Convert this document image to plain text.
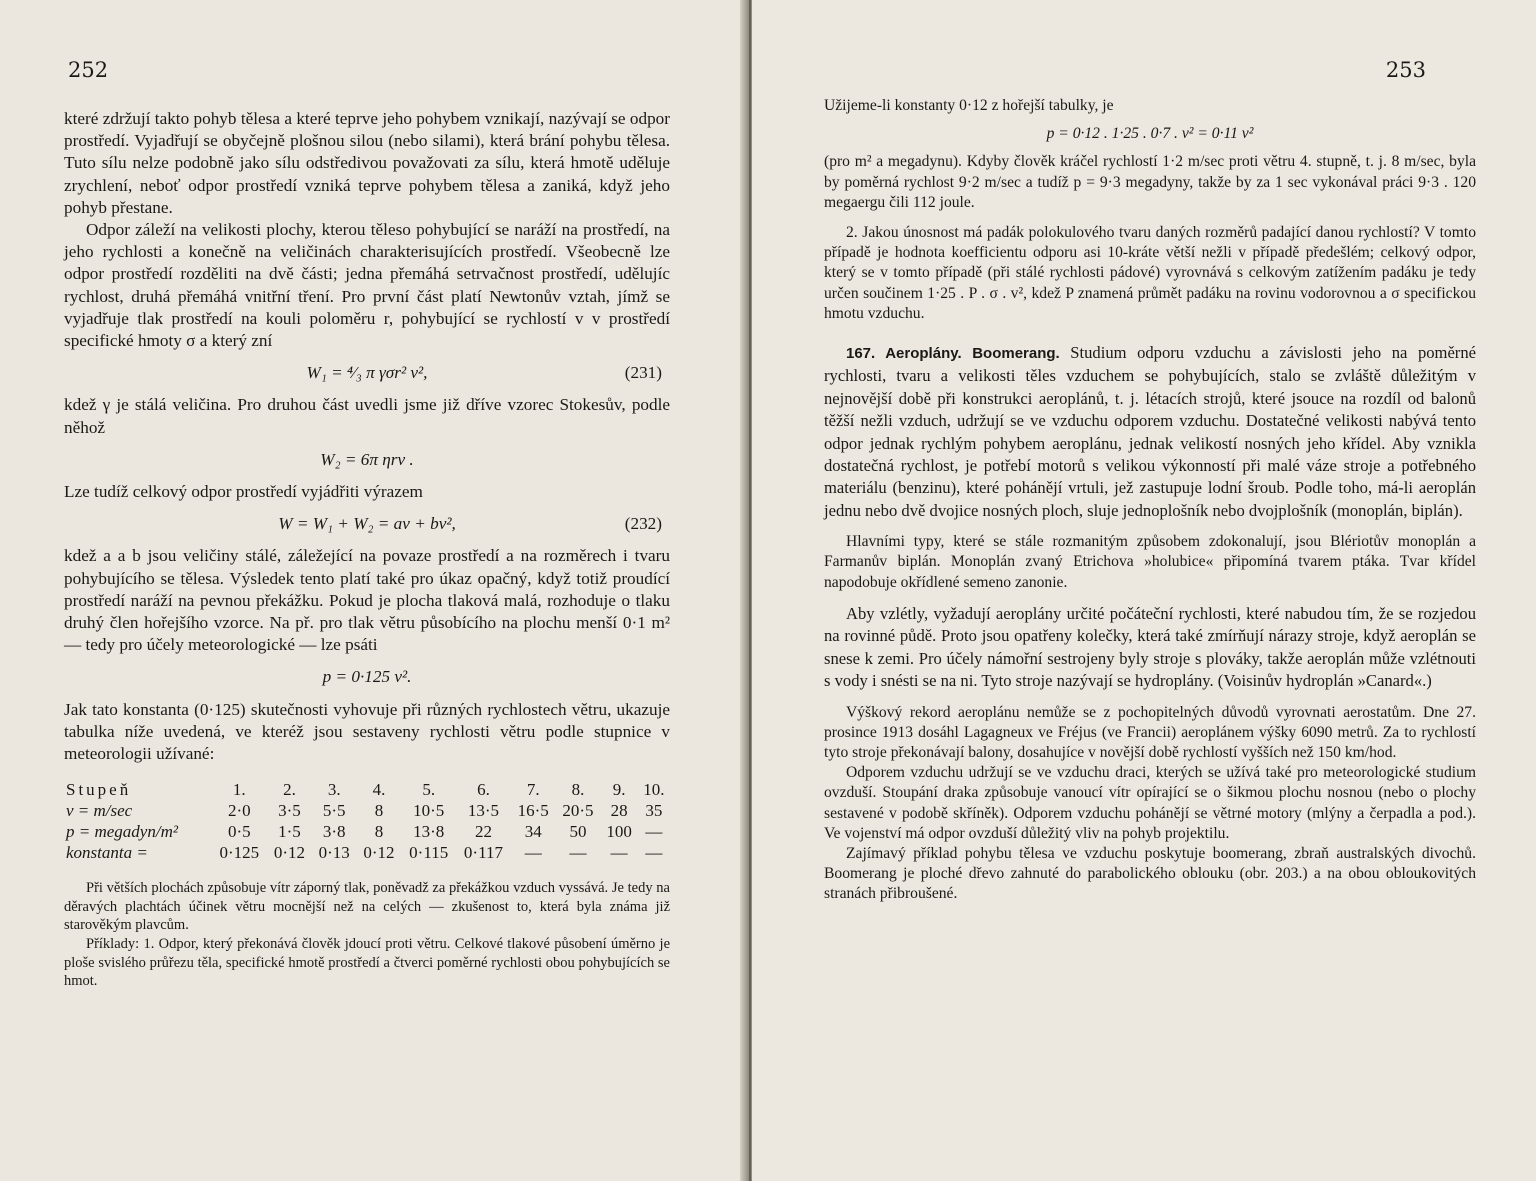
252

které zdržují takto pohyb tělesa a které teprve jeho pohybem vznikají, nazývají se odpor prostředí. Vyjadřují se obyčejně plošnou silou (nebo silami), která brání pohybu tělesa. Tuto sílu nelze podobně jako sílu odstředivou považovati za sílu, která hmotě uděluje zrychlení, neboť odpor prostředí vzniká teprve pohybem tělesa a zaniká, když jeho pohyb přestane.

Odpor záleží na velikosti plochy, kterou těleso pohybující se naráží na prostředí, na jeho rychlosti a konečně na veličinách charakterisujících prostředí. Všeobecně lze odpor prostředí rozděliti na dvě části; jedna přemáhá setrvačnost prostředí, udělujíc rychlost, druhá přemáhá vnitřní tření. Pro první část platí Newtonův vztah, jímž se vyjadřuje tlak prostředí na kouli poloměru r, pohybující se rychlostí v v prostředí specifické hmoty σ a který zní

W₁ = ⁴⁄₃ π γσr² v²,	(231)

kdež γ je stálá veličina. Pro druhou část uvedli jsme již dříve vzorec Stokesův, podle něhož

W₂ = 6π ηrv .

Lze tudíž celkový odpor prostředí vyjádřiti výrazem

W = W₁ + W₂ = av + bv²,	(232)

kdež a a b jsou veličiny stálé, záležející na povaze prostředí a na rozměrech i tvaru pohybujícího se tělesa. Výsledek tento platí také pro úkaz opačný, když totiž proudící prostředí naráží na pevnou překážku. Pokud je plocha tlaková malá, rozhoduje o tlaku druhý člen hořejšího vzorce. Na př. pro tlak větru působícího na plochu menší 0·1 m² — tedy pro účely meteorologické — lze psáti

p = 0·125 v².

Jak tato konstanta (0·125) skutečnosti vyhovuje při různých rychlostech větru, ukazuje tabulka níže uvedená, ve kteréž jsou sestaveny rychlosti větru podle stupnice v meteorologii užívané:

Stupeň	1.	2.	3.	4.	5.	6.	7.	8.	9.	10.
v = m/sec	2·0	3·5	5·5	8	10·5	13·5	16·5	20·5	28	35
p = megadyn/m²	0·5	1·5	3·8	8	13·8	22	34	50	100	—
konstanta =	0·125	0·12	0·13	0·12	0·115	0·117	—	—	—	—

Při větších plochách způsobuje vítr záporný tlak, poněvadž za překážkou vzduch vyssává. Je tedy na děravých plachtách účinek větru mocnější než na celých — zkušenost to, která byla známa již starověkým plavcům.

Příklady: 1. Odpor, který překonává člověk jdoucí proti větru. Celkové tlakové působení úměrno je ploše svislého průřezu těla, specifické hmotě prostředí a čtverci poměrné rychlosti obou pohybujících se hmot.

253

Užijeme-li konstanty 0·12 z hořejší tabulky, je

p = 0·12 . 1·25 . 0·7 . v² = 0·11 v²

(pro m² a megadynu). Kdyby člověk kráčel rychlostí 1·2 m/sec proti větru 4. stupně, t. j. 8 m/sec, byla by poměrná rychlost 9·2 m/sec a tudíž p = 9·3 megadyny, takže by za 1 sec vykonával práci 9·3 . 120 megaergu čili 112 joule.

2. Jakou únosnost má padák polokulového tvaru daných rozměrů padající danou rychlostí? V tomto případě je hodnota koefficientu odporu asi 10-kráte větší nežli v případě předešlém; celkový odpor, který se v tomto případě (při stálé rychlosti pádové) vyrovnává s celkovým zatížením padáku je tedy určen součinem 1·25 . P . σ . v², kdež P znamená průmět padáku na rovinu vodorovnou a σ specifickou hmotu vzduchu.

167. Aeroplány. Boomerang. Studium odporu vzduchu a závislosti jeho na poměrné rychlosti, tvaru a velikosti těles vzduchem se pohybujících, stalo se zvláště důležitým v nejnovější době při konstrukci aeroplánů, t. j. létacích strojů, které jsouce na rozdíl od balonů těžší nežli vzduch, udržují se ve vzduchu odporem vzduchu. Dostatečné velikosti nabývá tento odpor jednak rychlým pohybem aeroplánu, jednak velikostí nosných jeho křídel. Aby vznikla dostatečná rychlost, je potřebí motorů s velikou výkonností při malé váze stroje a potřebného materiálu (benzinu), které pohánějí vrtuli, jež zastupuje lodní šroub. Podle toho, má-li aeroplán jednu nebo dvě dvojice nosných ploch, sluje jednoplošník nebo dvojplošník (monoplán, biplán).

Hlavními typy, které se stále rozmanitým způsobem zdokonalují, jsou Blériotův monoplán a Farmanův biplán. Monoplán zvaný Etrichova »holubice« připomíná tvarem ptáka. Tvar křídel napodobuje okřídlené semeno zanonie.

Aby vzlétly, vyžadují aeroplány určité počáteční rychlosti, které nabudou tím, že se rozjedou na rovinné půdě. Proto jsou opatřeny kolečky, která také zmírňují nárazy stroje, když aeroplán se snese k zemi. Pro účely námořní sestrojeny byly stroje s plováky, takže aeroplán může vzlétnouti s vody i snésti se na ni. Tyto stroje nazývají se hydroplány. (Voisinův hydroplán »Canard«.)

Výškový rekord aeroplánu nemůže se z pochopitelných důvodů vyrovnati aerostatům. Dne 27. prosince 1913 dosáhl Lagagneux ve Fréjus (ve Francii) aeroplánem výšky 6090 metrů. Za to rychlostí tyto stroje překonávají balony, dosahujíce v novější době rychlostí vyšších než 150 km/hod.

Odporem vzduchu udržují se ve vzduchu draci, kterých se užívá také pro meteorologické studium ovzduší. Stoupání draka způsobuje vanoucí vítr opírající se o šikmou plochu nosnou (nebo o plochy sestavené v podobě skříněk). Odporem vzduchu pohánějí se větrné motory (mlýny a čerpadla a pod.). Ve vojenství má odpor ovzduší důležitý vliv na pohyb projektilu.

Zajímavý příklad pohybu tělesa ve vzduchu poskytuje boomerang, zbraň australských divochů. Boomerang je ploché dřevo zahnuté do parabolického oblouku (obr. 203.) a na obou obloukovitých stranách přibroušené.
